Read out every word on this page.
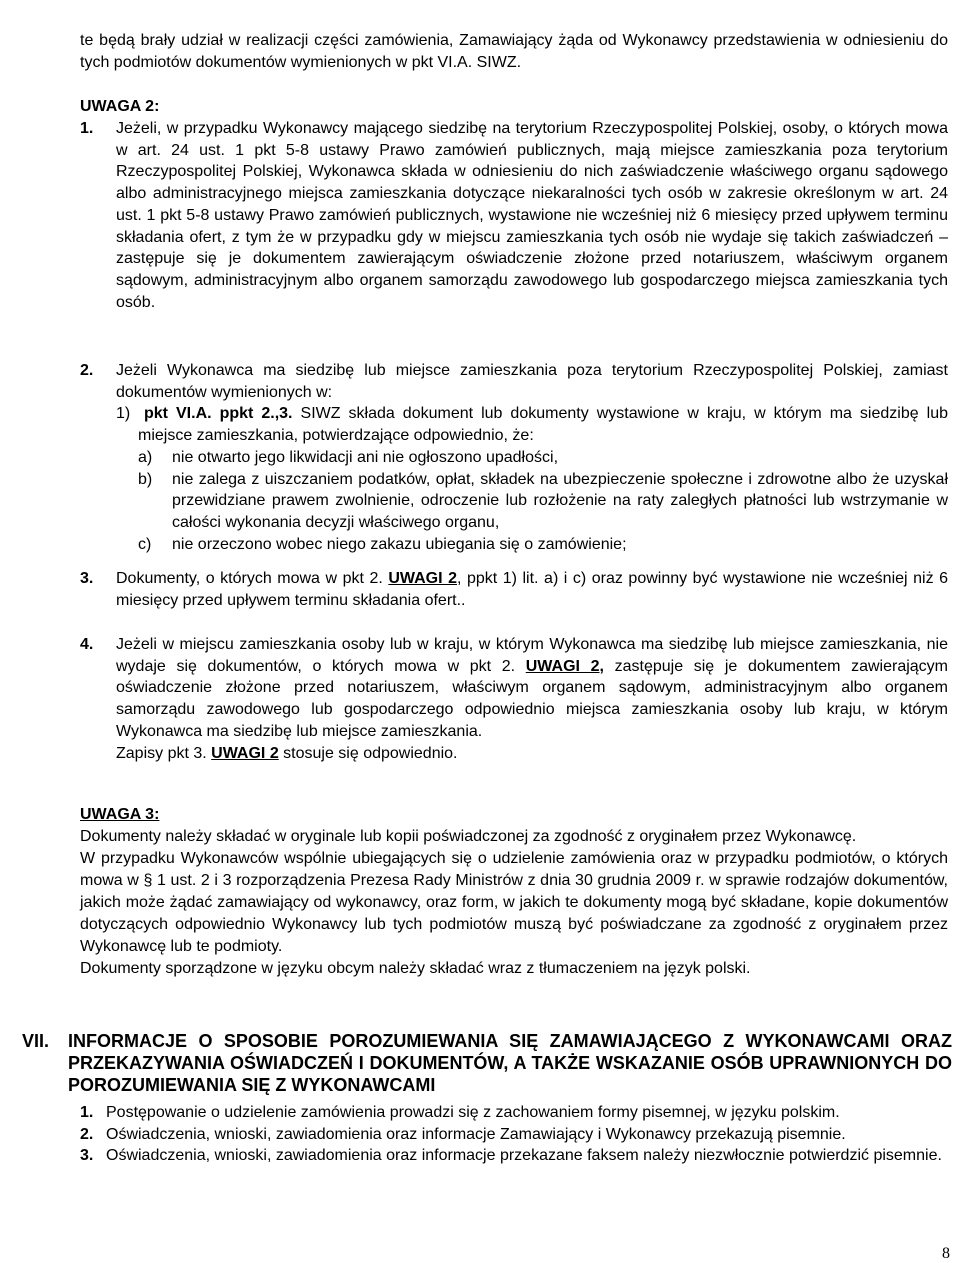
te będą brały udział w realizacji części zamówienia, Zamawiający żąda od Wykonawcy przedstawienia w odniesieniu do tych podmiotów dokumentów wymienionych w pkt VI.A. SIWZ.

UWAGA 2:
1.	Jeżeli, w przypadku Wykonawcy mającego siedzibę na terytorium Rzeczypospolitej Polskiej, osoby, o których mowa w art. 24 ust. 1 pkt 5-8 ustawy Prawo zamówień publicznych, mają miejsce zamieszkania poza terytorium Rzeczypospolitej Polskiej, Wykonawca składa w odniesieniu do nich zaświadczenie właściwego organu sądowego albo administracyjnego miejsca zamieszkania dotyczące niekaralności tych osób w zakresie określonym w art. 24 ust. 1 pkt 5-8 ustawy Prawo zamówień publicznych, wystawione nie wcześniej niż 6 miesięcy przed upływem terminu składania ofert, z tym że w przypadku gdy w miejscu zamieszkania tych osób nie wydaje się takich zaświadczeń – zastępuje się je dokumentem zawierającym oświadczenie złożone przed notariuszem, właściwym organem sądowym, administracyjnym albo organem samorządu zawodowego lub gospodarczego miejsca zamieszkania tych osób.
2.	Jeżeli Wykonawca ma siedzibę lub miejsce zamieszkania poza terytorium Rzeczypospolitej Polskiej, zamiast dokumentów wymienionych w:
1) pkt VI.A. ppkt 2.,3. SIWZ składa dokument lub dokumenty wystawione w kraju, w którym ma siedzibę lub miejsce zamieszkania, potwierdzające odpowiednio, że:
a)	nie otwarto jego likwidacji ani nie ogłoszono upadłości,
b)	nie zalega z uiszczaniem podatków, opłat, składek na ubezpieczenie społeczne i zdrowotne albo że uzyskał przewidziane prawem zwolnienie, odroczenie lub rozłożenie na raty zaległych płatności lub wstrzymanie w całości wykonania decyzji właściwego organu,
c)	nie orzeczono wobec niego zakazu ubiegania się o zamówienie;
3.	Dokumenty, o których mowa w pkt 2. UWAGI 2, ppkt 1) lit. a) i c) oraz powinny być wystawione nie wcześniej niż 6 miesięcy przed upływem terminu składania ofert..
4.	Jeżeli w miejscu zamieszkania osoby lub w kraju, w którym Wykonawca ma siedzibę lub miejsce zamieszkania, nie wydaje się dokumentów, o których mowa w pkt 2. UWAGI 2, zastępuje się je dokumentem zawierającym oświadczenie złożone przed notariuszem, właściwym organem sądowym, administracyjnym albo organem samorządu zawodowego lub gospodarczego odpowiednio miejsca zamieszkania osoby lub kraju, w którym Wykonawca ma siedzibę lub miejsce zamieszkania.
Zapisy pkt 3. UWAGI 2 stosuje się odpowiednio.

UWAGA 3:

Dokumenty należy składać w oryginale lub kopii poświadczonej za zgodność z oryginałem przez Wykonawcę.

W przypadku Wykonawców wspólnie ubiegających się o udzielenie zamówienia oraz w przypadku podmiotów, o których mowa w § 1 ust. 2 i 3 rozporządzenia Prezesa Rady Ministrów z dnia 30 grudnia 2009 r. w sprawie rodzajów dokumentów, jakich może żądać zamawiający od wykonawcy, oraz form, w jakich te dokumenty mogą być składane, kopie dokumentów dotyczących odpowiednio Wykonawcy lub tych podmiotów muszą być poświadczane za zgodność z oryginałem przez Wykonawcę lub te podmioty.

Dokumenty sporządzone w języku obcym należy składać wraz z tłumaczeniem na język polski.

VII.	INFORMACJE O SPOSOBIE POROZUMIEWANIA SIĘ ZAMAWIAJĄCEGO Z WYKONAWCAMI ORAZ PRZEKAZYWANIA OŚWIADCZEŃ I DOKUMENTÓW, A TAKŻE WSKAZANIE OSÓB UPRAWNIONYCH DO POROZUMIEWANIA SIĘ Z WYKONAWCAMI
1. Postępowanie o udzielenie zamówienia prowadzi się z zachowaniem formy pisemnej, w języku polskim.
2. Oświadczenia, wnioski, zawiadomienia oraz informacje Zamawiający i Wykonawcy przekazują pisemnie.
3. Oświadczenia, wnioski, zawiadomienia oraz informacje przekazane faksem należy niezwłocznie potwierdzić pisemnie.
8
